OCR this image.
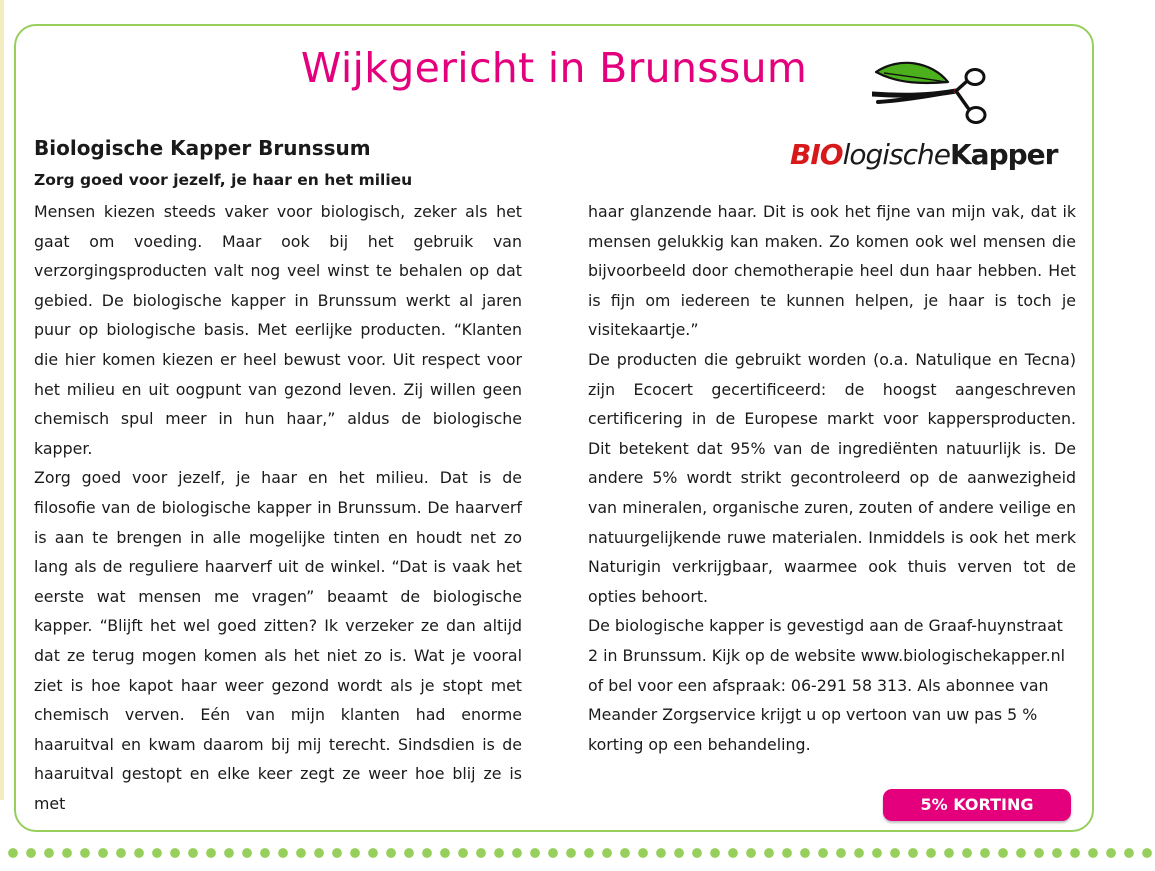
Wijkgericht in Brunssum
BIOlogischeKapper
Biologische Kapper Brunssum
Zorg goed voor jezelf, je haar en het milieu

Mensen kiezen steeds vaker voor biologisch, zeker als het gaat om voeding. Maar ook bij het gebruik van verzorgingsproducten valt nog veel winst te behalen op dat gebied. De biologische kapper in Brunssum werkt al jaren puur op biologische basis. Met eerlijke producten. “Klanten die hier komen kiezen er heel bewust voor. Uit respect voor het milieu en uit oogpunt van gezond leven. Zij willen geen chemisch spul meer in hun haar,” aldus de biologische kapper.

Zorg goed voor jezelf, je haar en het milieu. Dat is de filosofie van de biologische kapper in Brunssum. De haarverf is aan te brengen in alle mogelijke tinten en houdt net zo lang als de reguliere haarverf uit de winkel. “Dat is vaak het eerste wat mensen me vragen” beaamt de biologische kapper. “Blijft het wel goed zitten? Ik verzeker ze dan altijd dat ze terug mogen komen als het niet zo is. Wat je vooral ziet is hoe kapot haar weer gezond wordt als je stopt met chemisch verven. Eén van mijn klanten had enorme haaruitval en kwam daarom bij mij terecht. Sindsdien is de haaruitval gestopt en elke keer zegt ze weer hoe blij ze is met

haar glanzende haar. Dit is ook het fijne van mijn vak, dat ik mensen gelukkig kan maken. Zo komen ook wel mensen die bijvoorbeeld door chemotherapie heel dun haar hebben. Het is fijn om iedereen te kunnen helpen, je haar is toch je visitekaartje.”

De producten die gebruikt worden (o.a. Natulique en Tecna) zijn Ecocert gecertificeerd: de hoogst aangeschreven certificering in de Europese markt voor kappersproducten. Dit betekent dat 95% van de ingrediënten natuurlijk is. De andere 5% wordt strikt gecontroleerd op de aanwezigheid van mineralen, organische zuren, zouten of andere veilige en natuurgelijkende ruwe materialen. Inmiddels is ook het merk Naturigin verkrijgbaar, waarmee ook thuis verven tot de opties behoort.

De biologische kapper is gevestigd aan de Graaf-huynstraat 2 in Brunssum. Kijk op de website www.biologischekapper.nl of bel voor een afspraak: 06-291 58 313. Als abonnee van Meander Zorgservice krijgt u op vertoon van uw pas 5 % korting op een behandeling.

5% KORTING
